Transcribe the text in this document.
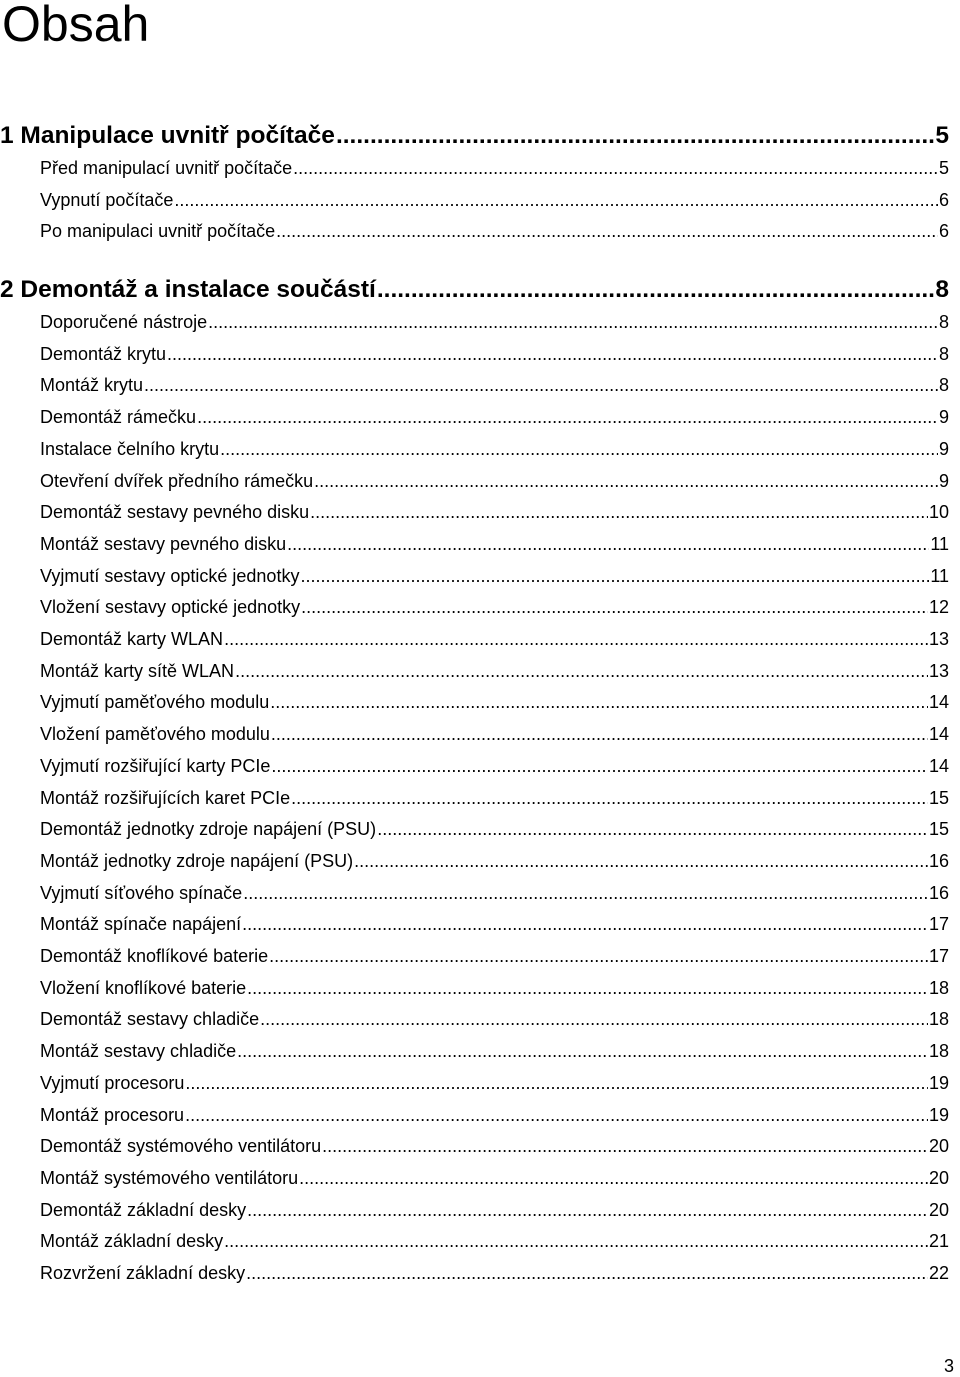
Obsah
1 Manipulace uvnitř počítače .....	5
Před manipulací uvnitř počítače .....	5
Vypnutí počítače .....	6
Po manipulaci uvnitř počítače .....	6
2 Demontáž a instalace součástí .....	8
Doporučené nástroje .....	8
Demontáž krytu .....	8
Montáž krytu .....	8
Demontáž rámečku .....	9
Instalace čelního krytu .....	9
Otevření dvířek předního rámečku .....	9
Demontáž sestavy pevného disku .....	10
Montáž sestavy pevného disku .....	11
Vyjmutí sestavy optické jednotky .....	11
Vložení sestavy optické jednotky .....	12
Demontáž karty WLAN .....	13
Montáž karty sítě WLAN .....	13
Vyjmutí paměťového modulu .....	14
Vložení paměťového modulu .....	14
Vyjmutí rozšiřující karty PCIe .....	14
Montáž rozšiřujících karet PCIe .....	15
Demontáž jednotky zdroje napájení (PSU) .....	15
Montáž jednotky zdroje napájení (PSU) .....	16
Vyjmutí síťového spínače .....	16
Montáž spínače napájení .....	17
Demontáž knoflíkové baterie .....	17
Vložení knoflíkové baterie .....	18
Demontáž sestavy chladiče .....	18
Montáž sestavy chladiče .....	18
Vyjmutí procesoru .....	19
Montáž procesoru .....	19
Demontáž systémového ventilátoru .....	20
Montáž systémového ventilátoru .....	20
Demontáž základní desky .....	20
Montáž základní desky .....	21
Rozvržení základní desky .....	22
3
